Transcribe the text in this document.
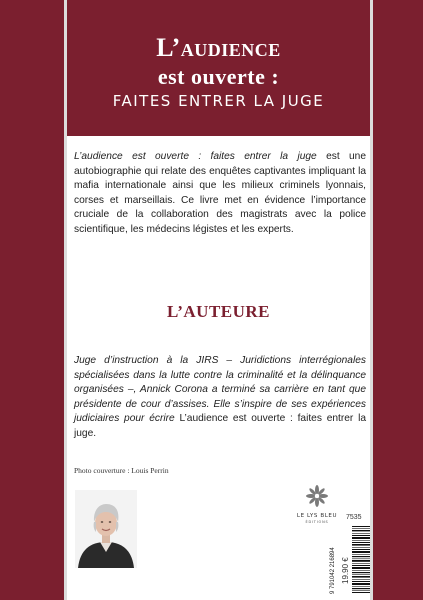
L’audience
est ouverte :
FAITES ENTRER LA JUGE
L’audience est ouverte : faites entrer la juge est une autobiographie qui relate des enquêtes captivantes impliquant la mafia internationale ainsi que les milieux criminels lyonnais, corses et marseillais. Ce livre met en évidence l’importance cruciale de la collaboration des magistrats avec la police scientifique, les médecins légistes et les experts.
L’AUTEURE
Juge d’instruction à la JIRS – Juridictions interrégionales spécialisées dans la lutte contre la criminalité et la délinquance organisées –, Annick Corona a terminé sa carrière en tant que présidente de cour d’assises. Elle s’inspire de ses expériences judiciaires pour écrire L’audience est ouverte : faites entrer la juge.
Photo couverture : Louis Perrin
LE LYS BLEU
ÉDITIONS
7535
19.90 €
9 791042 216894
